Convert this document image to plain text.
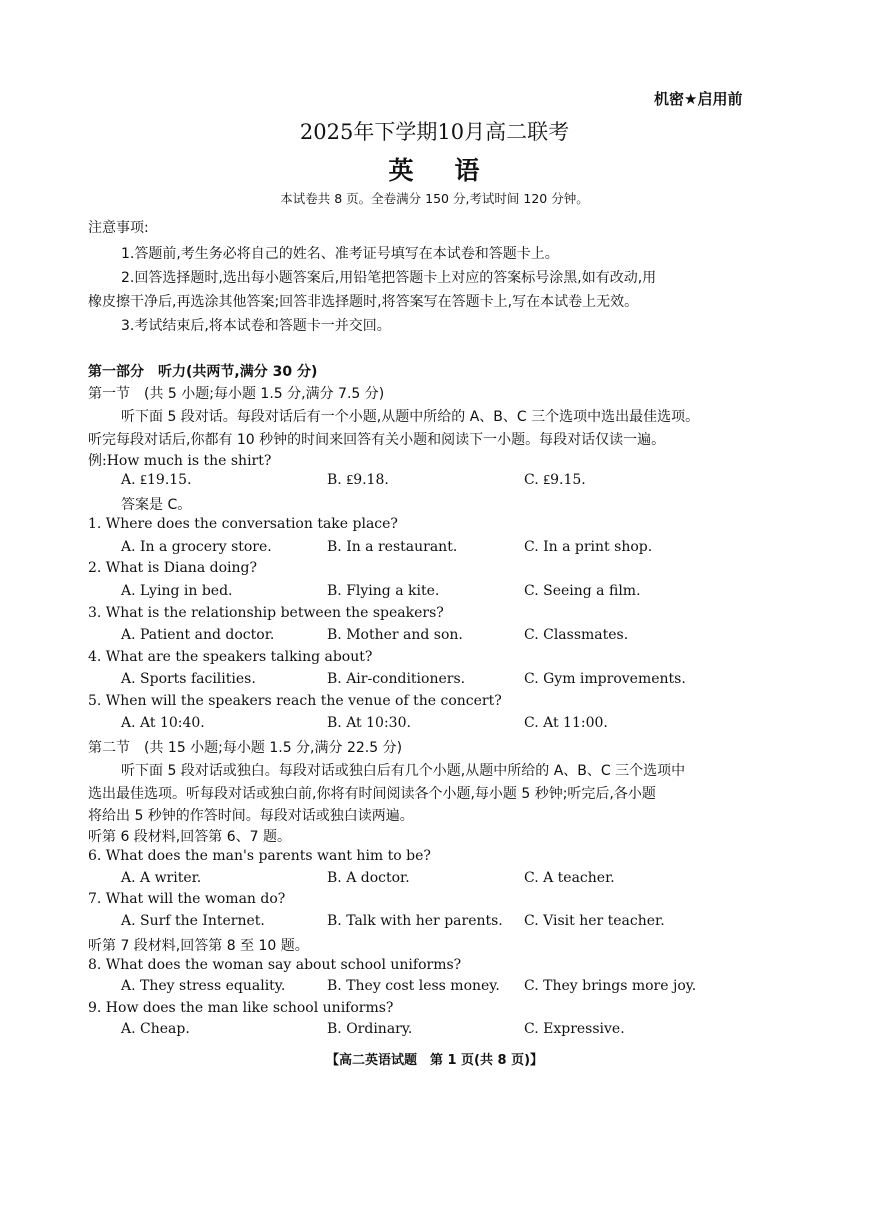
机密★启用前
2025年下学期10月高二联考
英 语
本试卷共 8 页。全卷满分 150 分,考试时间 120 分钟。
注意事项:
1.答题前,考生务必将自己的姓名、准考证号填写在本试卷和答题卡上。
2.回答选择题时,选出每小题答案后,用铅笔把答题卡上对应的答案标号涂黑,如有改动,用
橡皮擦干净后,再选涂其他答案;回答非选择题时,将答案写在答题卡上,写在本试卷上无效。
3.考试结束后,将本试卷和答题卡一并交回。
第一部分　听力(共两节,满分 30 分)
第一节　(共 5 小题;每小题 1.5 分,满分 7.5 分)
听下面 5 段对话。每段对话后有一个小题,从题中所给的 A、B、C 三个选项中选出最佳选项。
听完每段对话后,你都有 10 秒钟的时间来回答有关小题和阅读下一小题。每段对话仅读一遍。
例:How much is the shirt?
A. ₤19.15.	B. ₤9.18.	C. ₤9.15.
答案是 C。
1. Where does the conversation take place?
A. In a grocery store.	B. In a restaurant.	C. In a print shop.
2. What is Diana doing?
A. Lying in bed.	B. Flying a kite.	C. Seeing a film.
3. What is the relationship between the speakers?
A. Patient and doctor.	B. Mother and son.	C. Classmates.
4. What are the speakers talking about?
A. Sports facilities.	B. Air-conditioners.	C. Gym improvements.
5. When will the speakers reach the venue of the concert?
A. At 10:40.	B. At 10:30.	C. At 11:00.
第二节　(共 15 小题;每小题 1.5 分,满分 22.5 分)
听下面 5 段对话或独白。每段对话或独白后有几个小题,从题中所给的 A、B、C 三个选项中
选出最佳选项。听每段对话或独白前,你将有时间阅读各个小题,每小题 5 秒钟;听完后,各小题
将给出 5 秒钟的作答时间。每段对话或独白读两遍。
听第 6 段材料,回答第 6、7 题。
6. What does the man's parents want him to be?
A. A writer.	B. A doctor.	C. A teacher.
7. What will the woman do?
A. Surf the Internet.	B. Talk with her parents. C. Visit her teacher.
听第 7 段材料,回答第 8 至 10 题。
8. What does the woman say about school uniforms?
A. They stress equality.	B. They cost less money. C. They brings more joy.
9. How does the man like school uniforms?
A. Cheap.	B. Ordinary.	C. Expressive.
【高二英语试题　第 1 页(共 8 页)】
